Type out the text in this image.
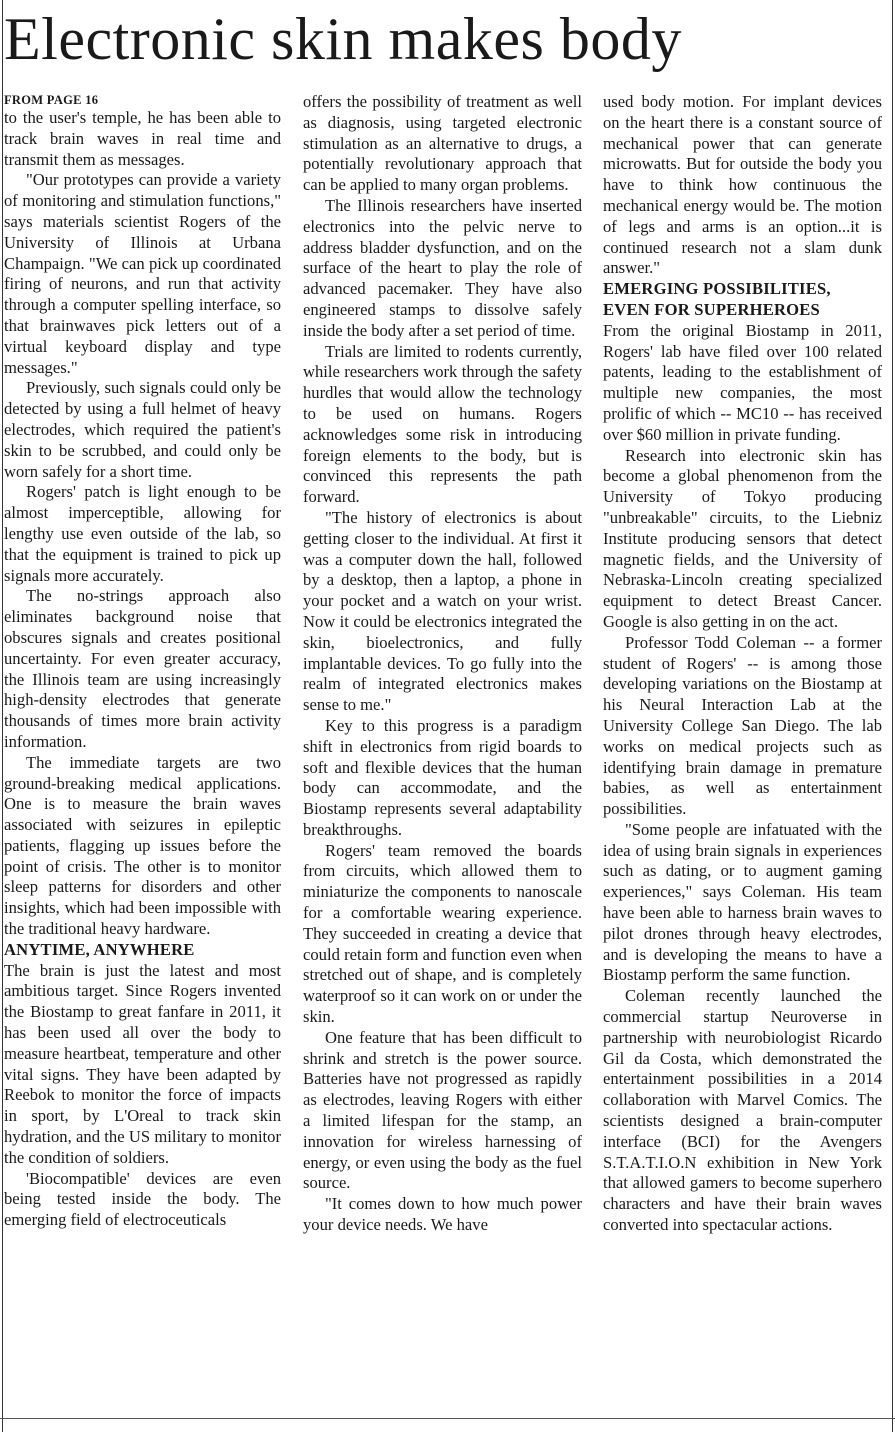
Electronic skin makes body
FROM PAGE 16

to the user's temple, he has been able to track brain waves in real time and transmit them as messages.

"Our prototypes can provide a variety of monitoring and stimulation functions," says materials scientist Rogers of the University of Illinois at Urbana Champaign. "We can pick up coordinated firing of neurons, and run that activity through a computer spelling interface, so that brainwaves pick letters out of a virtual keyboard display and type messages."

Previously, such signals could only be detected by using a full helmet of heavy electrodes, which required the patient's skin to be scrubbed, and could only be worn safely for a short time.

Rogers' patch is light enough to be almost imperceptible, allowing for lengthy use even outside of the lab, so that the equipment is trained to pick up signals more accurately.

The no-strings approach also eliminates background noise that obscures signals and creates positional uncertainty. For even greater accuracy, the Illinois team are using increasingly high-density electrodes that generate thousands of times more brain activity information.

The immediate targets are two ground-breaking medical applications. One is to measure the brain waves associated with seizures in epileptic patients, flagging up issues before the point of crisis. The other is to monitor sleep patterns for disorders and other insights, which had been impossible with the traditional heavy hardware.

ANYTIME, ANYWHERE

The brain is just the latest and most ambitious target. Since Rogers invented the Biostamp to great fanfare in 2011, it has been used all over the body to measure heartbeat, temperature and other vital signs. They have been adapted by Reebok to monitor the force of impacts in sport, by L'Oreal to track skin hydration, and the US military to monitor the condition of soldiers.

'Biocompatible' devices are even being tested inside the body. The emerging field of electroceuticals

offers the possibility of treatment as well as diagnosis, using targeted electronic stimulation as an alternative to drugs, a potentially revolutionary approach that can be applied to many organ problems.

The Illinois researchers have inserted electronics into the pelvic nerve to address bladder dysfunction, and on the surface of the heart to play the role of advanced pacemaker. They have also engineered stamps to dissolve safely inside the body after a set period of time.

Trials are limited to rodents currently, while researchers work through the safety hurdles that would allow the technology to be used on humans. Rogers acknowledges some risk in introducing foreign elements to the body, but is convinced this represents the path forward.

"The history of electronics is about getting closer to the individual. At first it was a computer down the hall, followed by a desktop, then a laptop, a phone in your pocket and a watch on your wrist. Now it could be electronics integrated the skin, bioelectronics, and fully implantable devices. To go fully into the realm of integrated electronics makes sense to me."

Key to this progress is a paradigm shift in electronics from rigid boards to soft and flexible devices that the human body can accommodate, and the Biostamp represents several adaptability breakthroughs.

Rogers' team removed the boards from circuits, which allowed them to miniaturize the components to nanoscale for a comfortable wearing experience. They succeeded in creating a device that could retain form and function even when stretched out of shape, and is completely waterproof so it can work on or under the skin.

One feature that has been difficult to shrink and stretch is the power source. Batteries have not progressed as rapidly as electrodes, leaving Rogers with either a limited lifespan for the stamp, an innovation for wireless harnessing of energy, or even using the body as the fuel source.

"It comes down to how much power your device needs. We have

used body motion. For implant devices on the heart there is a constant source of mechanical power that can generate microwatts. But for outside the body you have to think how continuous the mechanical energy would be. The motion of legs and arms is an option...it is continued research not a slam dunk answer."

EMERGING POSSIBILITIES, EVEN FOR SUPERHEROES

From the original Biostamp in 2011, Rogers' lab have filed over 100 related patents, leading to the establishment of multiple new companies, the most prolific of which -- MC10 -- has received over $60 million in private funding.

Research into electronic skin has become a global phenomenon from the University of Tokyo producing "unbreakable" circuits, to the Liebniz Institute producing sensors that detect magnetic fields, and the University of Nebraska-Lincoln creating specialized equipment to detect Breast Cancer. Google is also getting in on the act.

Professor Todd Coleman -- a former student of Rogers' -- is among those developing variations on the Biostamp at his Neural Interaction Lab at the University College San Diego. The lab works on medical projects such as identifying brain damage in premature babies, as well as entertainment possibilities.

"Some people are infatuated with the idea of using brain signals in experiences such as dating, or to augment gaming experiences," says Coleman. His team have been able to harness brain waves to pilot drones through heavy electrodes, and is developing the means to have a Biostamp perform the same function.

Coleman recently launched the commercial startup Neuroverse in partnership with neurobiologist Ricardo Gil da Costa, which demonstrated the entertainment possibilities in a 2014 collaboration with Marvel Comics. The scientists designed a brain-computer interface (BCI) for the Avengers S.T.A.T.I.O.N exhibition in New York that allowed gamers to become superhero characters and have their brain waves converted into spectacular actions.
